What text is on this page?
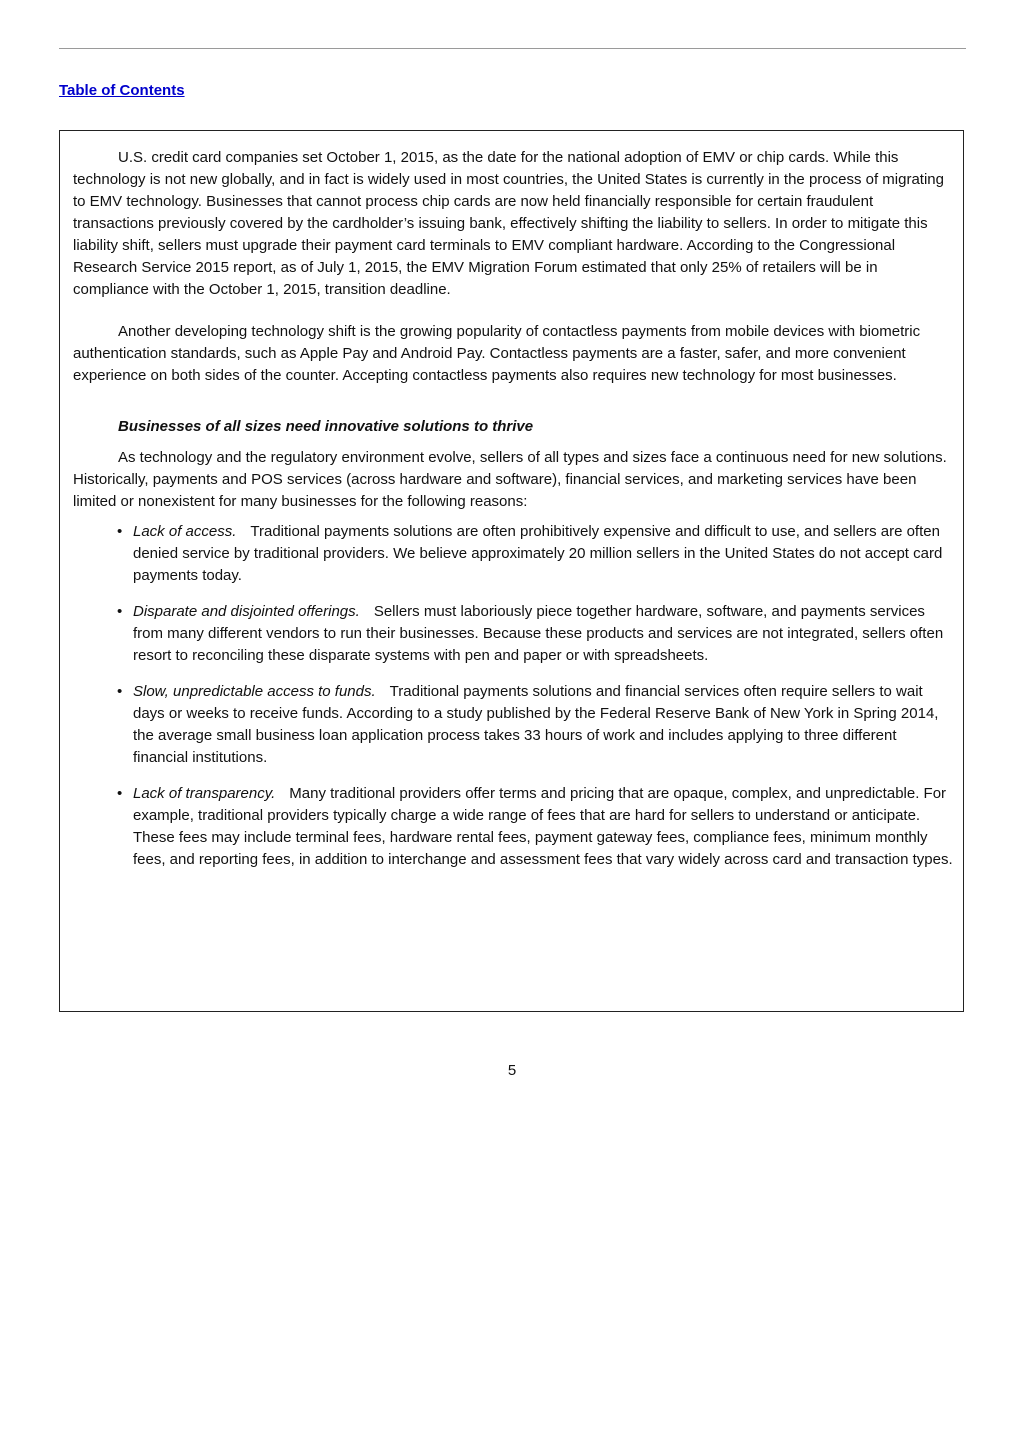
Table of Contents

U.S. credit card companies set October 1, 2015, as the date for the national adoption of EMV or chip cards. While this technology is not new globally, and in fact is widely used in most countries, the United States is currently in the process of migrating to EMV technology. Businesses that cannot process chip cards are now held financially responsible for certain fraudulent transactions previously covered by the cardholder’s issuing bank, effectively shifting the liability to sellers. In order to mitigate this liability shift, sellers must upgrade their payment card terminals to EMV compliant hardware. According to the Congressional Research Service 2015 report, as of July 1, 2015, the EMV Migration Forum estimated that only 25% of retailers will be in compliance with the October 1, 2015, transition deadline.

Another developing technology shift is the growing popularity of contactless payments from mobile devices with biometric authentication standards, such as Apple Pay and Android Pay. Contactless payments are a faster, safer, and more convenient experience on both sides of the counter. Accepting contactless payments also requires new technology for most businesses.

Businesses of all sizes need innovative solutions to thrive

As technology and the regulatory environment evolve, sellers of all types and sizes face a continuous need for new solutions. Historically, payments and POS services (across hardware and software), financial services, and marketing services have been limited or nonexistent for many businesses for the following reasons:

• Lack of access. Traditional payments solutions are often prohibitively expensive and difficult to use, and sellers are often denied service by traditional providers. We believe approximately 20 million sellers in the United States do not accept card payments today.
• Disparate and disjointed offerings. Sellers must laboriously piece together hardware, software, and payments services from many different vendors to run their businesses. Because these products and services are not integrated, sellers often resort to reconciling these disparate systems with pen and paper or with spreadsheets.
• Slow, unpredictable access to funds. Traditional payments solutions and financial services often require sellers to wait days or weeks to receive funds. According to a study published by the Federal Reserve Bank of New York in Spring 2014, the average small business loan application process takes 33 hours of work and includes applying to three different financial institutions.
• Lack of transparency. Many traditional providers offer terms and pricing that are opaque, complex, and unpredictable. For example, traditional providers typically charge a wide range of fees that are hard for sellers to understand or anticipate. These fees may include terminal fees, hardware rental fees, payment gateway fees, compliance fees, minimum monthly fees, and reporting fees, in addition to interchange and assessment fees that vary widely across card and transaction types.
5
